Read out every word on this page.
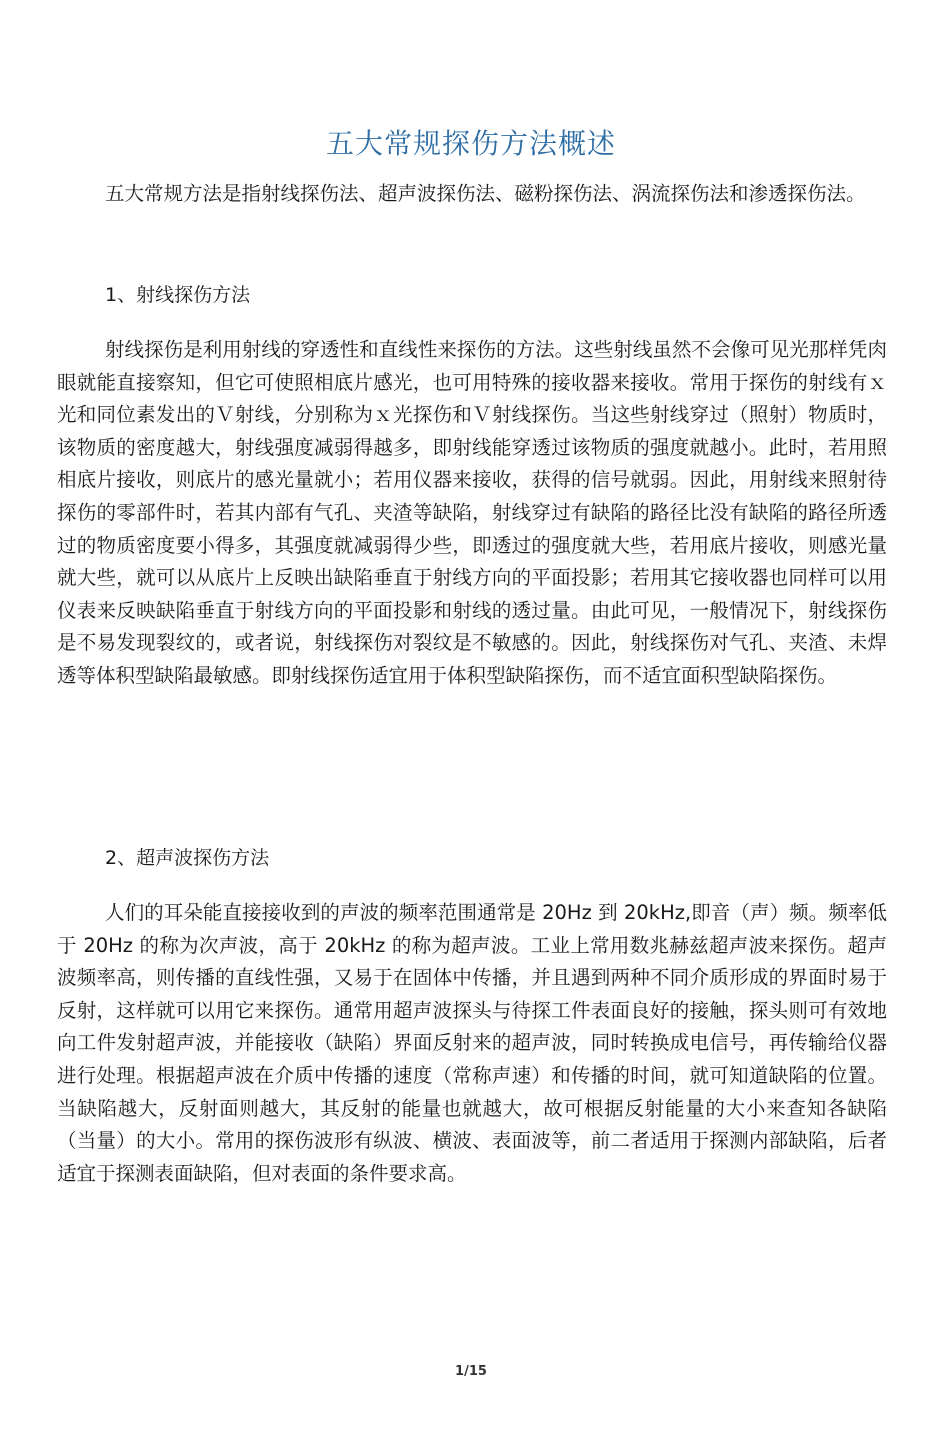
五大常规探伤方法概述

五大常规方法是指射线探伤法、超声波探伤法、磁粉探伤法、涡流探伤法和渗透探伤法。

1、射线探伤方法

射线探伤是利用射线的穿透性和直线性来探伤的方法。这些射线虽然不会像可见光那样凭肉眼就能直接察知，但它可使照相底片感光，也可用特殊的接收器来接收。常用于探伤的射线有ｘ光和同位素发出的Ｖ射线，分别称为ｘ光探伤和Ｖ射线探伤。当这些射线穿过（照射）物质时，该物质的密度越大，射线强度减弱得越多，即射线能穿透过该物质的强度就越小。此时，若用照相底片接收，则底片的感光量就小；若用仪器来接收，获得的信号就弱。因此，用射线来照射待探伤的零部件时，若其内部有气孔、夹渣等缺陷，射线穿过有缺陷的路径比没有缺陷的路径所透过的物质密度要小得多，其强度就减弱得少些，即透过的强度就大些，若用底片接收，则感光量就大些，就可以从底片上反映出缺陷垂直于射线方向的平面投影；若用其它接收器也同样可以用仪表来反映缺陷垂直于射线方向的平面投影和射线的透过量。由此可见，一般情况下，射线探伤是不易发现裂纹的，或者说，射线探伤对裂纹是不敏感的。因此，射线探伤对气孔、夹渣、未焊透等体积型缺陷最敏感。即射线探伤适宜用于体积型缺陷探伤，而不适宜面积型缺陷探伤。

2、超声波探伤方法

人们的耳朵能直接接收到的声波的频率范围通常是 20Hz 到 20kHz,即音（声）频。频率低于 20Hz 的称为次声波，高于 20kHz 的称为超声波。工业上常用数兆赫兹超声波来探伤。超声波频率高，则传播的直线性强，又易于在固体中传播，并且遇到两种不同介质形成的界面时易于反射，这样就可以用它来探伤。通常用超声波探头与待探工件表面良好的接触，探头则可有效地向工件发射超声波，并能接收（缺陷）界面反射来的超声波，同时转换成电信号，再传输给仪器进行处理。根据超声波在介质中传播的速度（常称声速）和传播的时间，就可知道缺陷的位置。当缺陷越大，反射面则越大，其反射的能量也就越大，故可根据反射能量的大小来查知各缺陷（当量）的大小。常用的探伤波形有纵波、横波、表面波等，前二者适用于探测内部缺陷，后者适宜于探测表面缺陷，但对表面的条件要求高。

1/15
